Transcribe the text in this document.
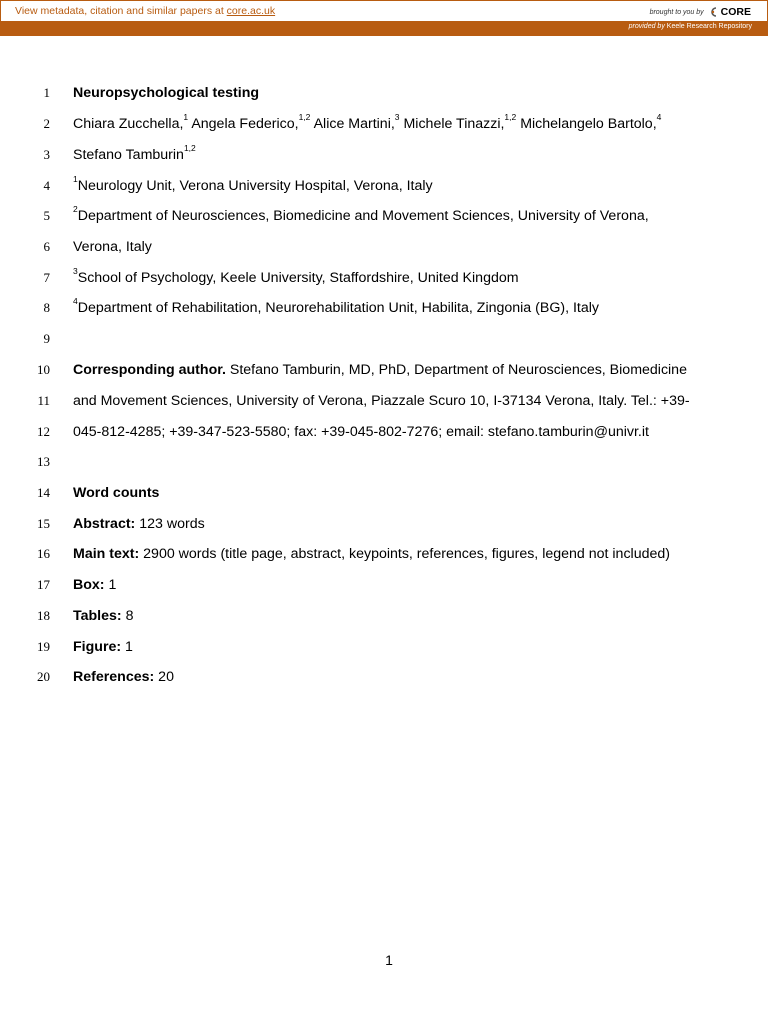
View metadata, citation and similar papers at core.ac.uk	brought to you by CORE
provided by Keele Research Repository
1 Neuropsychological testing
2 Chiara Zucchella,$^1$ Angela Federico,$^{1,2}$ Alice Martini,$^3$ Michele Tinazzi,$^{1,2}$ Michelangelo Bartolo,$^4$
3 Stefano Tamburin$^{1,2}$
4	$^1$Neurology Unit, Verona University Hospital, Verona, Italy
5	$^2$Department of Neurosciences, Biomedicine and Movement Sciences, University of Verona,
6 Verona, Italy
7	$^3$School of Psychology, Keele University, Staffordshire, United Kingdom
8	$^4$Department of Rehabilitation, Neurorehabilitation Unit, Habilita, Zingonia (BG), Italy
9
10 Corresponding author. Stefano Tamburin, MD, PhD, Department of Neurosciences, Biomedicine
11 and Movement Sciences, University of Verona, Piazzale Scuro 10, I-37134 Verona, Italy. Tel.: +39-
12 045-812-4285; +39-347-523-5580; fax: +39-045-802-7276; email: stefano.tamburin@univr.it
13
14 Word counts
15 Abstract: 123 words
16 Main text: 2900 words (title page, abstract, keypoints, references, figures, legend not included)
17 Box: 1
18 Tables: 8
19 Figure: 1
20 References: 20
1
